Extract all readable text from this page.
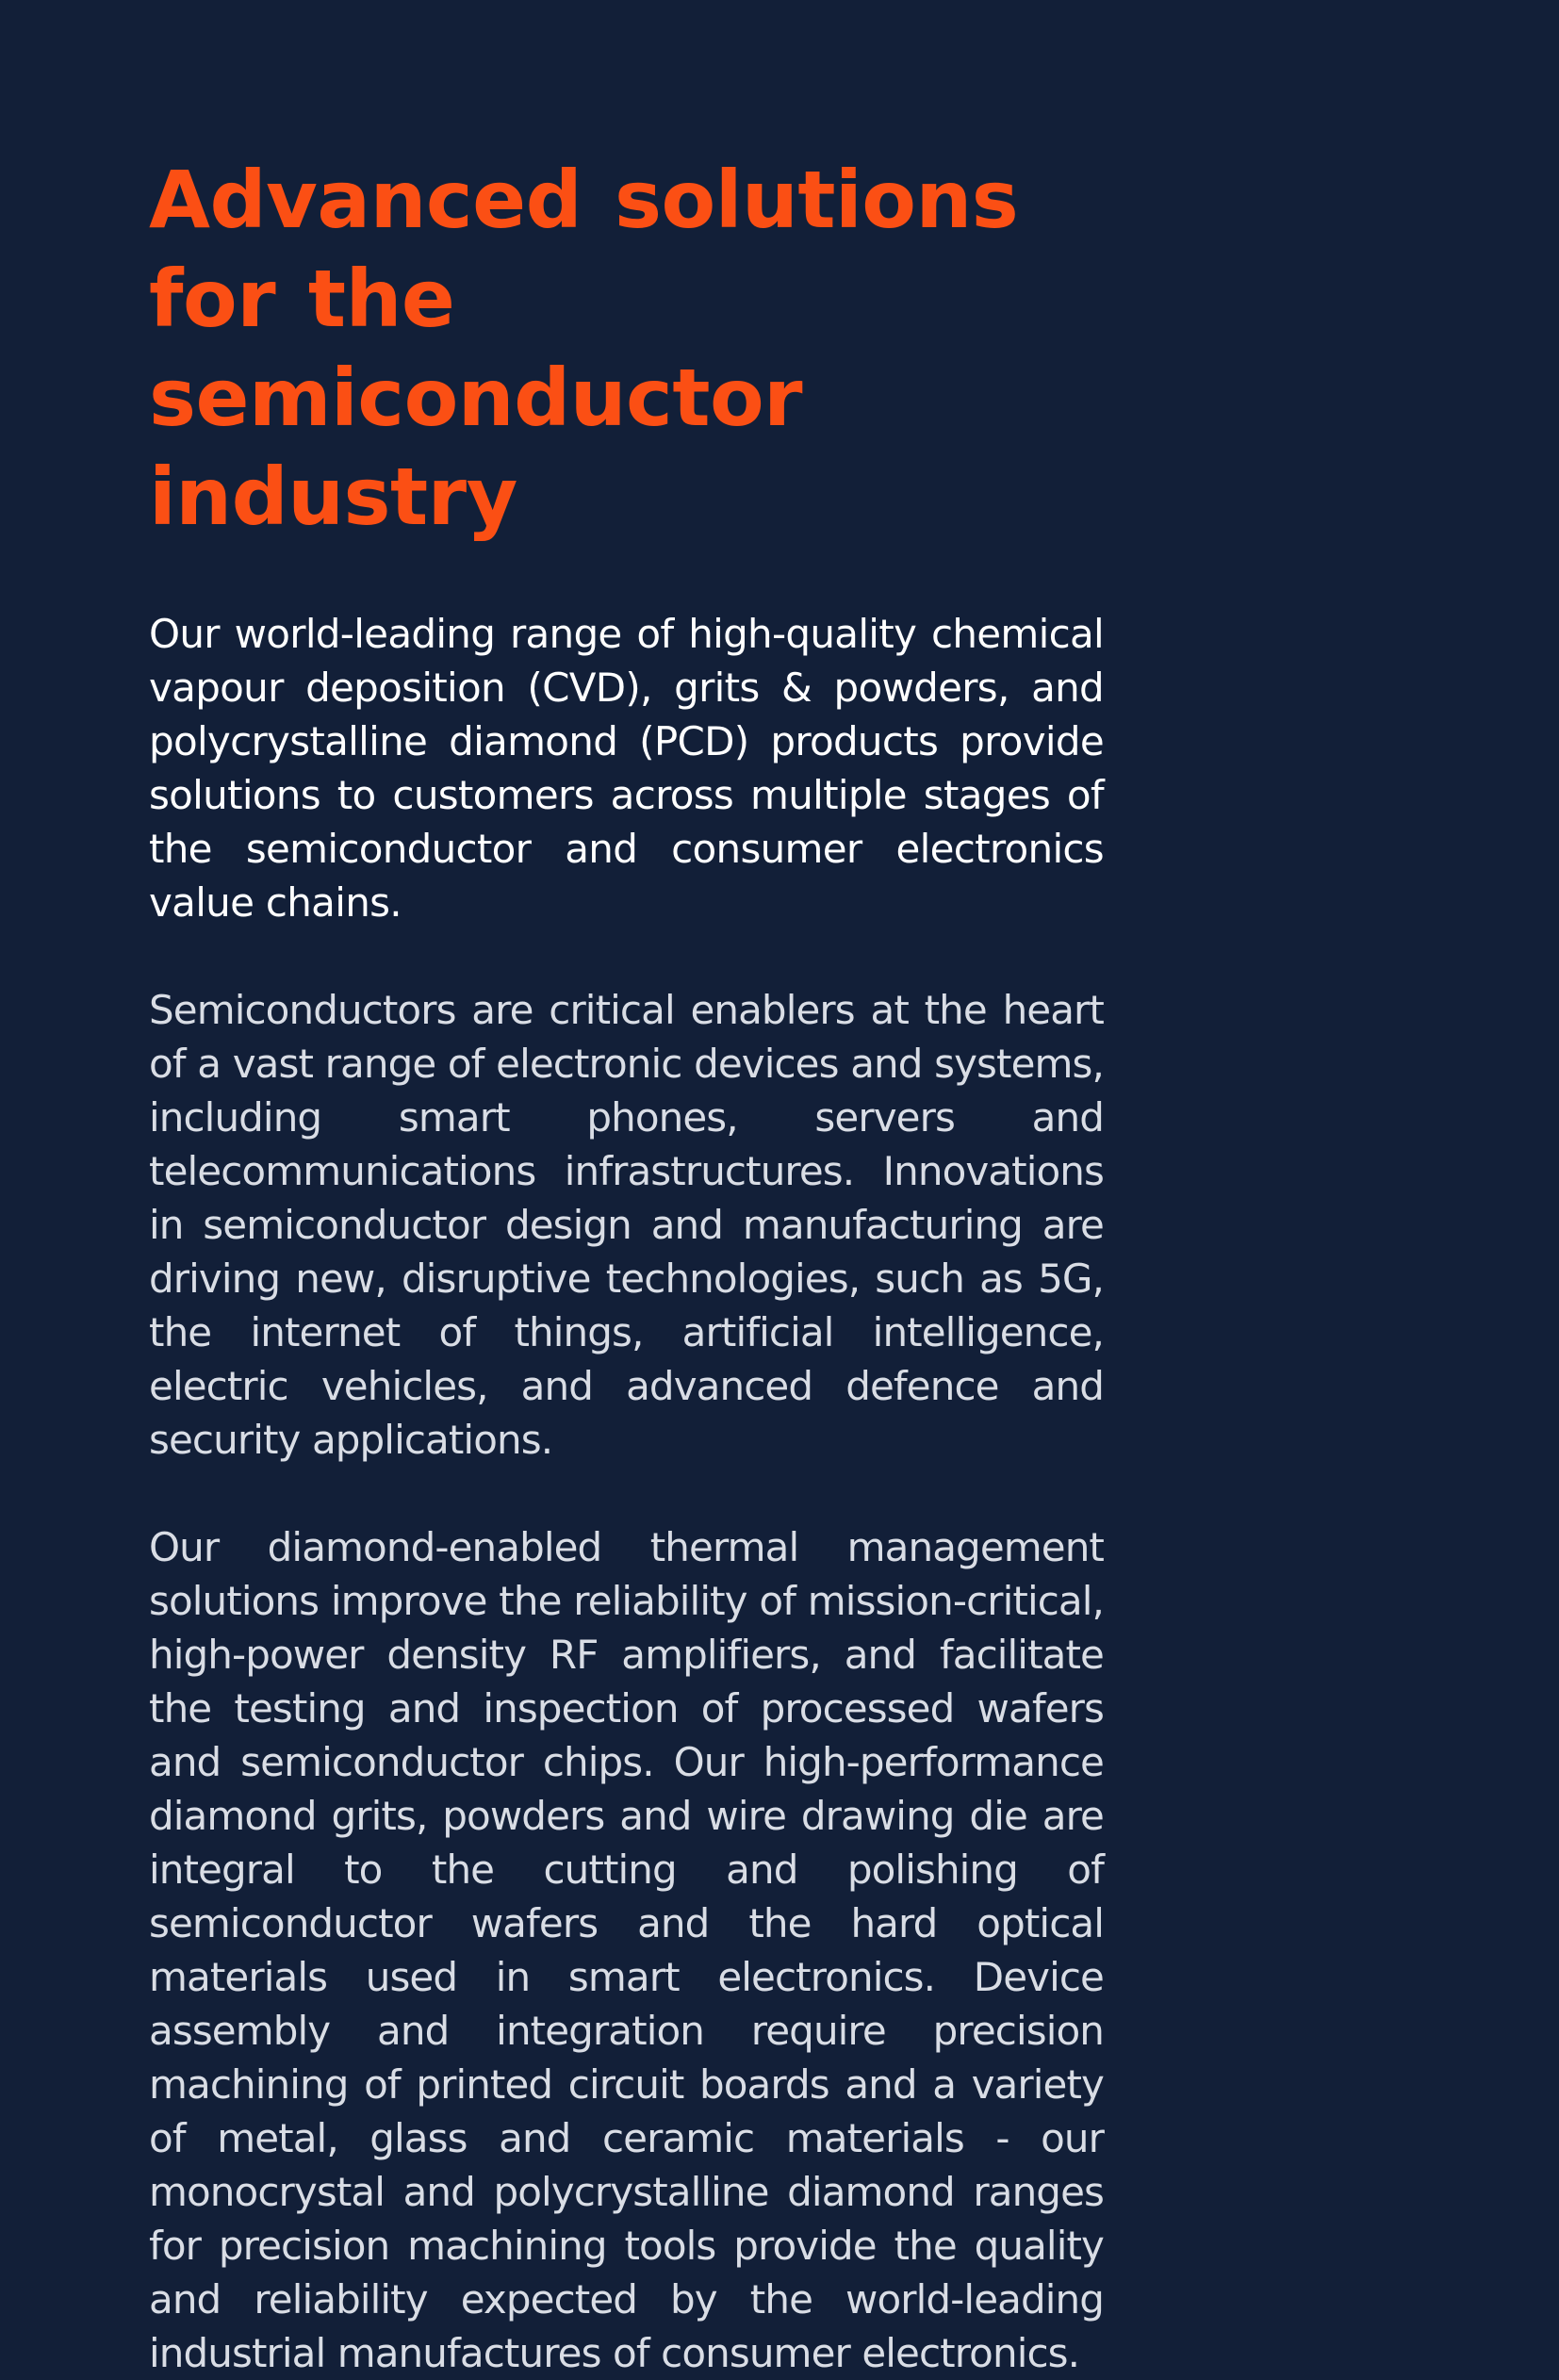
Advanced solutions for the semiconductor industry

Our world-leading range of high-quality chemical vapour deposition (CVD), grits & powders, and polycrystalline diamond (PCD) products provide solutions to customers across multiple stages of the semiconductor and consumer electronics value chains.

Semiconductors are critical enablers at the heart of a vast range of electronic devices and systems, including smart phones, servers and telecommunications infrastructures. Innovations in semiconductor design and manufacturing are driving new, disruptive technologies, such as 5G, the internet of things, artificial intelligence, electric vehicles, and advanced defence and security applications.

Our diamond-enabled thermal management solutions improve the reliability of mission-critical, high-power density RF amplifiers, and facilitate the testing and inspection of processed wafers and semiconductor chips. Our high-performance diamond grits, powders and wire drawing die are integral to the cutting and polishing of semiconductor wafers and the hard optical materials used in smart electronics. Device assembly and integration require precision machining of printed circuit boards and a variety of metal, glass and ceramic materials - our monocrystal and polycrystalline diamond ranges for precision machining tools provide the quality and reliability expected by the world-leading industrial manufactures of consumer electronics.
